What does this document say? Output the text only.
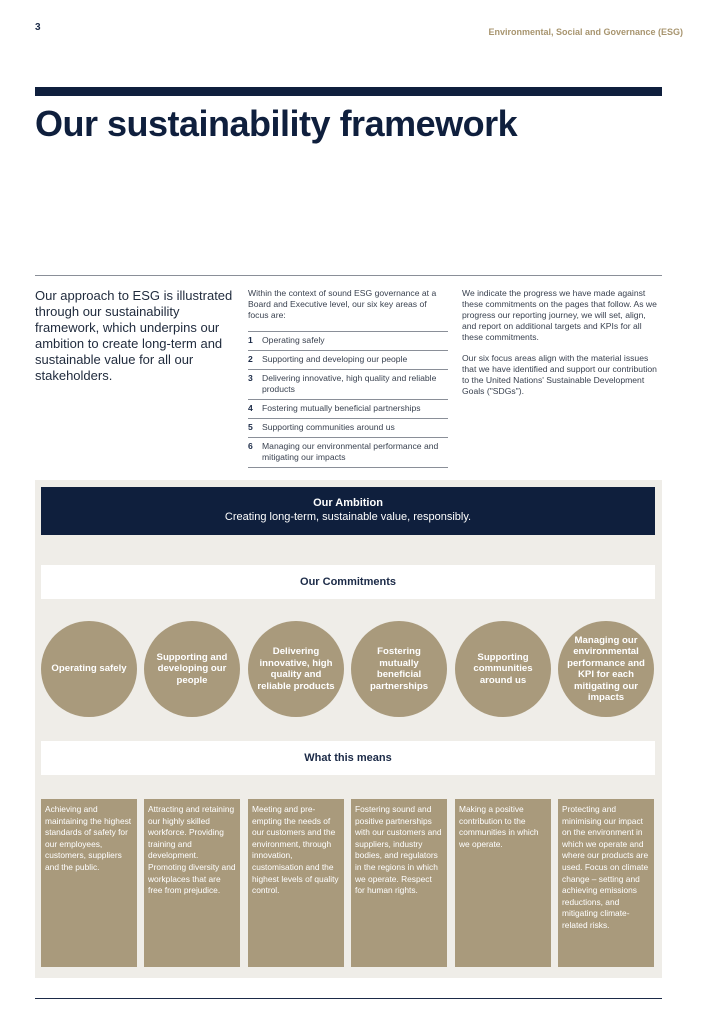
3	Environmental, Social and Governance (ESG)
Our sustainability framework
Our approach to ESG is illustrated through our sustainability framework, which underpins our ambition to create long-term and sustainable value for all our stakeholders.

Within the context of sound ESG governance at a Board and Executive level, our six key areas of focus are:

1	Operating safely
2	Supporting and developing our people
3	Delivering innovative, high quality and reliable products
4	Fostering mutually beneficial partnerships
5	Supporting communities around us
6	Managing our environmental performance and mitigating our impacts

We indicate the progress we have made against these commitments on the pages that follow. As we progress our reporting journey, we will set, align, and report on additional targets and KPIs for all these commitments.

Our six focus areas align with the material issues that we have identified and support our contribution to the United Nations' Sustainable Development Goals ("SDGs").

Our Ambition
Creating long-term, sustainable value, responsibly.
Our Commitments
Operating safely
Supporting and developing our people
Delivering innovative, high quality and reliable products
Fostering mutually beneficial partnerships
Supporting communities around us
Managing our environmental performance and KPI for each mitigating our impacts
What this means
Achieving and maintaining the highest standards of safety for our employees, customers, suppliers and the public.
Attracting and retaining our highly skilled workforce. Providing training and development. Promoting diversity and workplaces that are free from prejudice.
Meeting and pre-empting the needs of our customers and the environment, through innovation, customisation and the highest levels of quality control.
Fostering sound and positive partnerships with our customers and suppliers, industry bodies, and regulators in the regions in which we operate. Respect for human rights.
Making a positive contribution to the communities in which we operate.
Protecting and minimising our impact on the environment in which we operate and where our products are used. Focus on climate change – setting and achieving emissions reductions, and mitigating climate-related risks.
